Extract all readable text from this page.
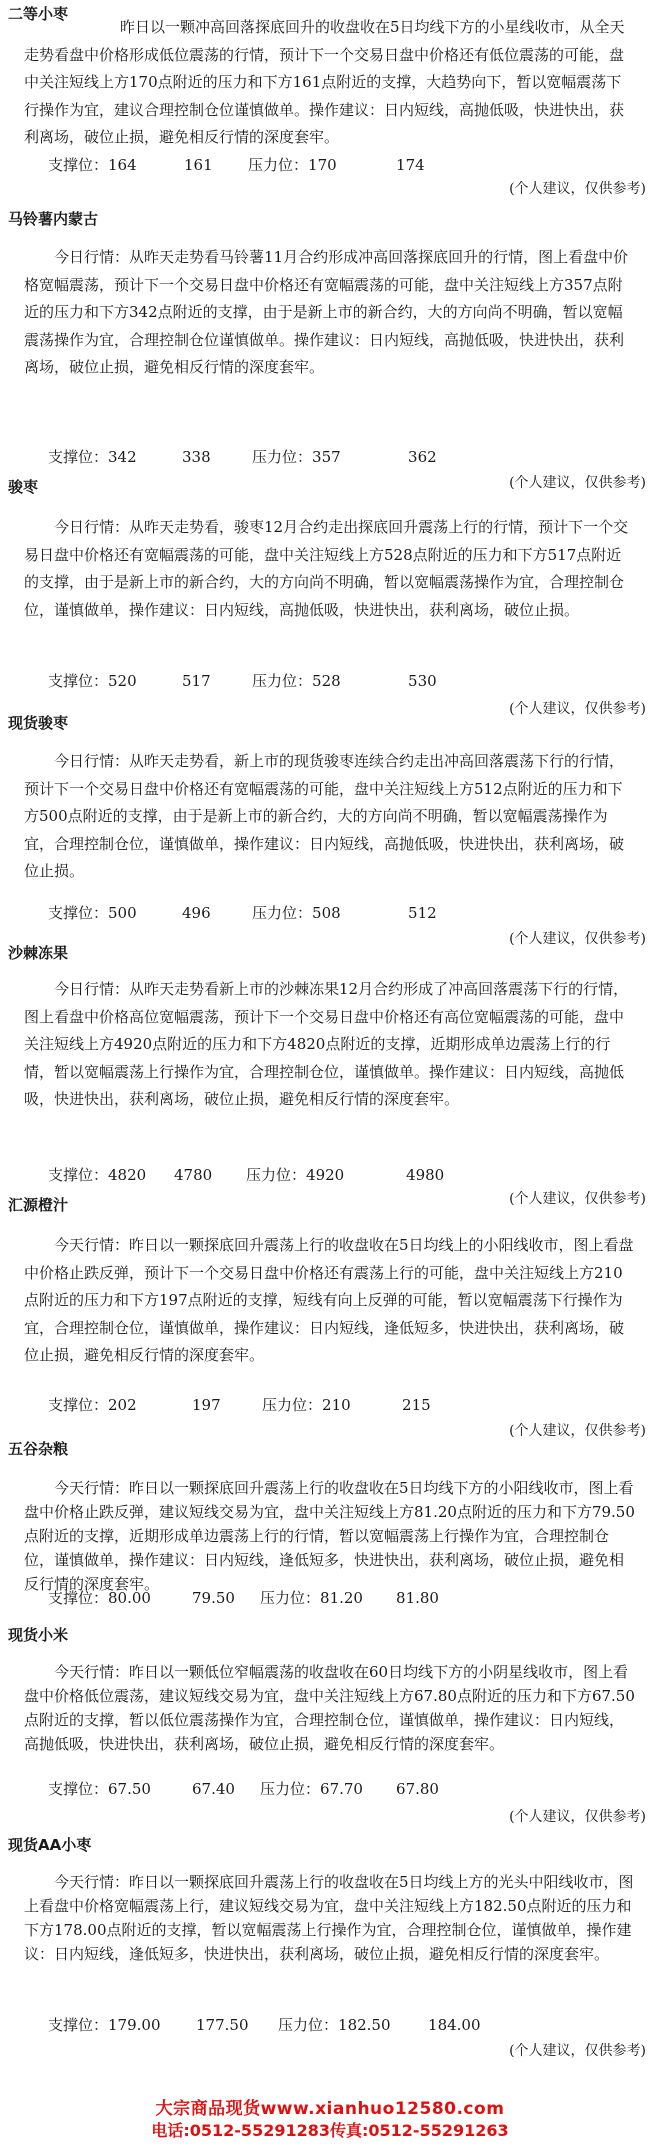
二等小枣

昨日以一颗冲高回落探底回升的收盘收在5日均线下方的小星线收市，从全天走势看盘中价格形成低位震荡的行情，预计下一个交易日盘中价格还有低位震荡的可能，盘中关注短线上方170点附近的压力和下方161点附近的支撑，大趋势向下，暂以宽幅震荡下行操作为宜，建议合理控制仓位谨慎做单。操作建议：日内短线，高抛低吸，快进快出，获利离场，破位止损，避免相反行情的深度套牢。

支撑位：164	161 压力位：170	174
(个人建议，仅供参考)
马铃薯内蒙古

今日行情：从昨天走势看马铃薯11月合约形成冲高回落探底回升的行情，图上看盘中价格宽幅震荡，预计下一个交易日盘中价格还有宽幅震荡的可能，盘中关注短线上方357点附近的压力和下方342点附近的支撑，由于是新上市的新合约，大的方向尚不明确，暂以宽幅震荡操作为宜，合理控制仓位谨慎做单。操作建议：日内短线，高抛低吸，快进快出，获利离场，破位止损，避免相反行情的深度套牢。

支撑位：342	338	压力位：357	362
(个人建议，仅供参考)
骏枣

今日行情：从昨天走势看，骏枣12月合约走出探底回升震荡上行的行情，预计下一个交易日盘中价格还有宽幅震荡的可能，盘中关注短线上方528点附近的压力和下方517点附近的支撑，由于是新上市的新合约，大的方向尚不明确，暂以宽幅震荡操作为宜，合理控制仓位，谨慎做单，操作建议：日内短线，高抛低吸，快进快出，获利离场，破位止损。

支撑位：520	517	压力位：528	530
(个人建议，仅供参考)
现货骏枣

今日行情：从昨天走势看，新上市的现货骏枣连续合约走出冲高回落震荡下行的行情，预计下一个交易日盘中价格还有宽幅震荡的可能，盘中关注短线上方512点附近的压力和下方500点附近的支撑，由于是新上市的新合约，大的方向尚不明确，暂以宽幅震荡操作为宜，合理控制仓位，谨慎做单，操作建议：日内短线，高抛低吸，快进快出，获利离场，破位止损。

支撑位：500	496	压力位：508	512
(个人建议，仅供参考)
沙棘冻果

今日行情：从昨天走势看新上市的沙棘冻果12月合约形成了冲高回落震荡下行的行情，图上看盘中价格高位宽幅震荡，预计下一个交易日盘中价格还有高位宽幅震荡的可能，盘中关注短线上方4920点附近的压力和下方4820点附近的支撑，近期形成单边震荡上行的行情，暂以宽幅震荡上行操作为宜，合理控制仓位，谨慎做单。操作建议：日内短线，高抛低吸，快进快出，获利离场，破位止损，避免相反行情的深度套牢。

支撑位：4820 4780 压力位：4920	4980
(个人建议，仅供参考)
汇源橙汁

今天行情：昨日以一颗探底回升震荡上行的收盘收在5日均线上的小阳线收市，图上看盘中价格止跌反弹，预计下一个交易日盘中价格还有震荡上行的可能，盘中关注短线上方210点附近的压力和下方197点附近的支撑，短线有向上反弹的可能，暂以宽幅震荡下行操作为宜，合理控制仓位，谨慎做单，操作建议：日内短线，逢低短多，快进快出，获利离场，破位止损，避免相反行情的深度套牢。

支撑位：202	197	压力位：210	215
(个人建议，仅供参考)
五谷杂粮

今天行情：昨日以一颗探底回升震荡上行的收盘收在5日均线下方的小阳线收市，图上看盘中价格止跌反弹，建议短线交易为宜，盘中关注短线上方81.20点附近的压力和下方79.50点附近的支撑，近期形成单边震荡上行的行情，暂以宽幅震荡上行操作为宜，合理控制仓位，谨慎做单，操作建议：日内短线，逢低短多，快进快出，获利离场，破位止损，避免相反行情的深度套牢。

支撑位：80.00	79.50 压力位：81.20 81.80
现货小米

今天行情：昨日以一颗低位窄幅震荡的收盘收在60日均线下方的小阴星线收市，图上看盘中价格低位震荡，建议短线交易为宜，盘中关注短线上方67.80点附近的压力和下方67.50点附近的支撑，暂以低位震荡操作为宜，合理控制仓位，谨慎做单，操作建议：日内短线，高抛低吸，快进快出，获利离场，破位止损，避免相反行情的深度套牢。

支撑位：67.50	67.40 压力位：67.70 67.80
(个人建议，仅供参考)
现货AA小枣

今天行情：昨日以一颗探底回升震荡上行的收盘收在5日均线上方的光头中阳线收市，图上看盘中价格宽幅震荡上行，建议短线交易为宜，盘中关注短线上方182.50点附近的压力和下方178.00点附近的支撑，暂以宽幅震荡上行操作为宜，合理控制仓位，谨慎做单，操作建议：日内短线，逢低短多，快进快出，获利离场，破位止损，避免相反行情的深度套牢。

支撑位：179.00 177.50 压力位：182.50	184.00
(个人建议，仅供参考)
大宗商品现货www.xianhuo12580.com
电话:0512-55291283传真:0512-55291263
